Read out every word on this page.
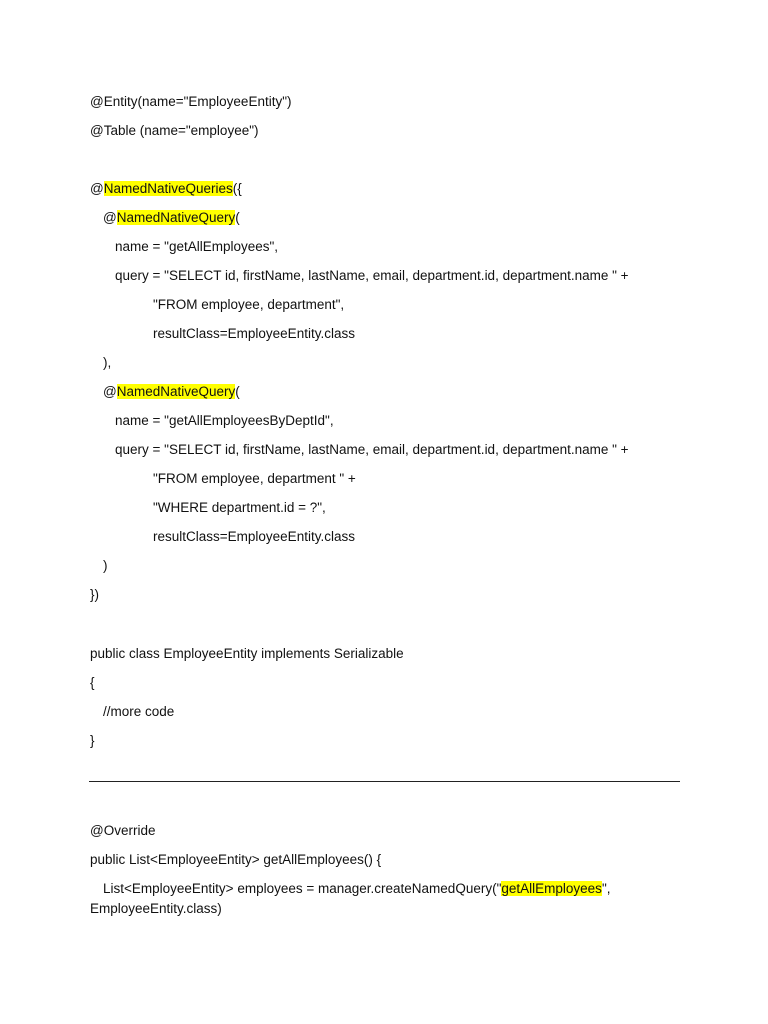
@Entity(name="EmployeeEntity")
@Table (name="employee")
@NamedNativeQueries({
@NamedNativeQuery(
name = "getAllEmployees",
query = "SELECT id, firstName, lastName, email, department.id, department.name " +
"FROM employee, department",
resultClass=EmployeeEntity.class
),
@NamedNativeQuery(
name = "getAllEmployeesByDeptId",
query = "SELECT id, firstName, lastName, email, department.id, department.name " +
"FROM employee, department " +
"WHERE department.id = ?",
resultClass=EmployeeEntity.class
)
})
public class EmployeeEntity implements Serializable
{
//more code
}
@Override
public List<EmployeeEntity> getAllEmployees() {
List<EmployeeEntity> employees = manager.createNamedQuery("getAllEmployees",
EmployeeEntity.class)
